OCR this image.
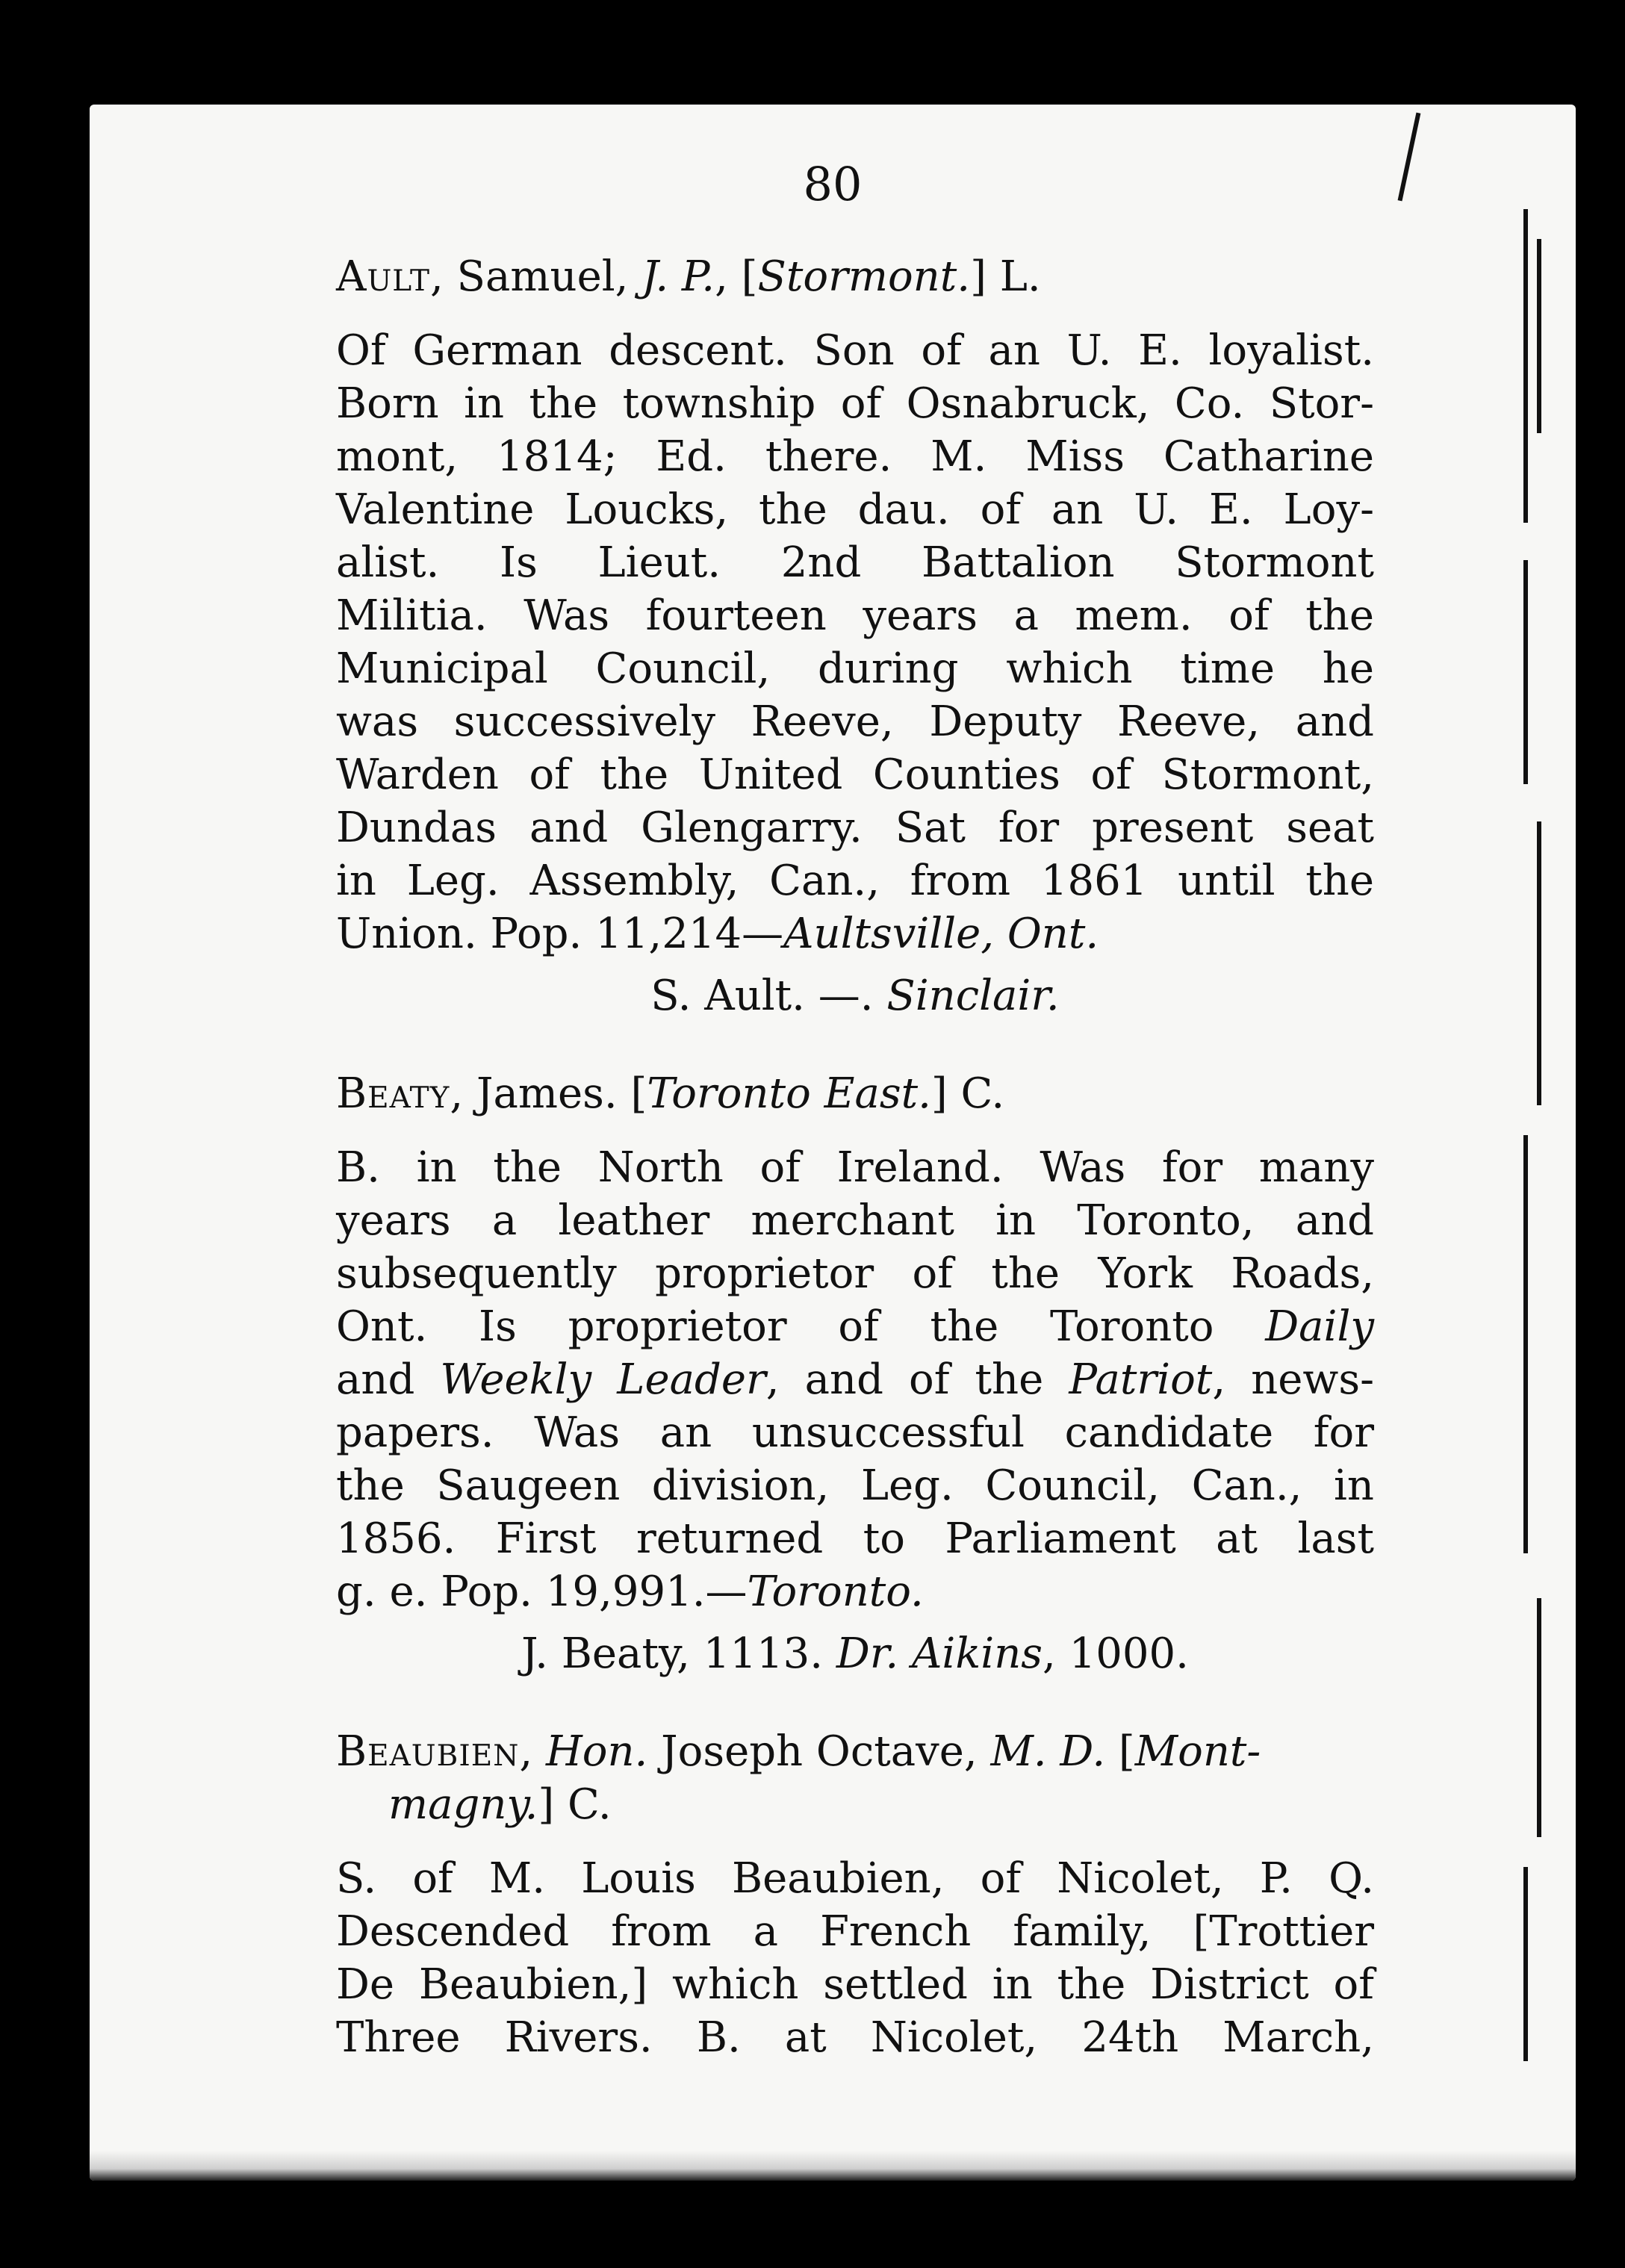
80
Ault, Samuel, J. P., [Stormont.] L.
Of German descent. Son of an U. E. loyalist.
Born in the township of Osnabruck, Co. Stor-
mont, 1814; Ed. there. M. Miss Catharine
Valentine Loucks, the dau. of an U. E. Loy-
alist. Is Lieut. 2nd Battalion Stormont
Militia. Was fourteen years a mem. of the
Municipal Council, during which time he
was successively Reeve, Deputy Reeve, and
Warden of the United Counties of Stormont,
Dundas and Glengarry. Sat for present seat
in Leg. Assembly, Can., from 1861 until the
Union. Pop. 11,214—Aultsville, Ont.
S. Ault. —. Sinclair.
Beaty, James. [Toronto East.] C.
B. in the North of Ireland. Was for many
years a leather merchant in Toronto, and
subsequently proprietor of the York Roads,
Ont. Is proprietor of the Toronto Daily
and Weekly Leader, and of the Patriot, news-
papers. Was an unsuccessful candidate for
the Saugeen division, Leg. Council, Can., in
1856. First returned to Parliament at last
g. e. Pop. 19,991.—Toronto.
J. Beaty, 1113. Dr. Aikins, 1000.
Beaubien, Hon. Joseph Octave, M. D. [Mont-magny.] C.
S. of M. Louis Beaubien, of Nicolet, P. Q.
Descended from a French family, [Trottier
De Beaubien,] which settled in the District of
Three Rivers. B. at Nicolet, 24th March,
